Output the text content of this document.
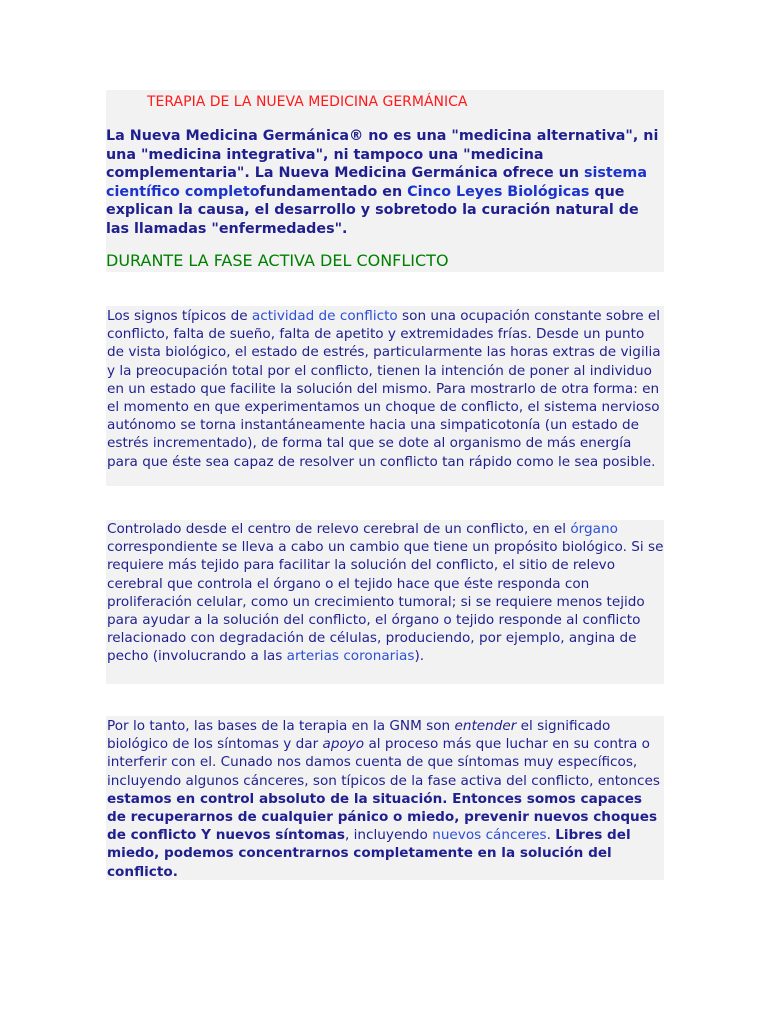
TERAPIA DE LA NUEVA MEDICINA GERMÁNICA

La Nueva Medicina Germánica® no es una "medicina alternativa", ni una "medicina integrativa", ni tampoco una "medicina complementaria". La Nueva Medicina Germánica ofrece un sistema científico completofundamentado en Cinco Leyes Biológicas que explican la causa, el desarrollo y sobretodo la curación natural de las llamadas "enfermedades".

DURANTE LA FASE ACTIVA DEL CONFLICTO

Los signos típicos de actividad de conflicto son una ocupación constante sobre el conflicto, falta de sueño, falta de apetito y extremidades frías. Desde un punto de vista biológico, el estado de estrés, particularmente las horas extras de vigilia y la preocupación total por el conflicto, tienen la intención de poner al individuo en un estado que facilite la solución del mismo. Para mostrarlo de otra forma: en el momento en que experimentamos un choque de conflicto, el sistema nervioso autónomo se torna instantáneamente hacia una simpaticotonía (un estado de estrés incrementado), de forma tal que se dote al organismo de más energía para que éste sea capaz de resolver un conflicto tan rápido como le sea posible.

Controlado desde el centro de relevo cerebral de un conflicto, en el órgano correspondiente se lleva a cabo un cambio que tiene un propósito biológico. Si se requiere más tejido para facilitar la solución del conflicto, el sitio de relevo cerebral que controla el órgano o el tejido hace que éste responda con proliferación celular, como un crecimiento tumoral; si se requiere menos tejido para ayudar a la solución del conflicto, el órgano o tejido responde al conflicto relacionado con degradación de células, produciendo, por ejemplo, angina de pecho (involucrando a las arterias coronarias).

Por lo tanto, las bases de la terapia en la GNM son entender el significado biológico de los síntomas y dar apoyo al proceso más que luchar en su contra o interferir con el. Cunado nos damos cuenta de que síntomas muy específicos, incluyendo algunos cánceres, son típicos de la fase activa del conflicto, entonces estamos en control absoluto de la situación. Entonces somos capaces de recuperarnos de cualquier pánico o miedo, prevenir nuevos choques de conflicto Y nuevos síntomas, incluyendo nuevos cánceres. Libres del miedo, podemos concentrarnos completamente en la solución del conflicto.
